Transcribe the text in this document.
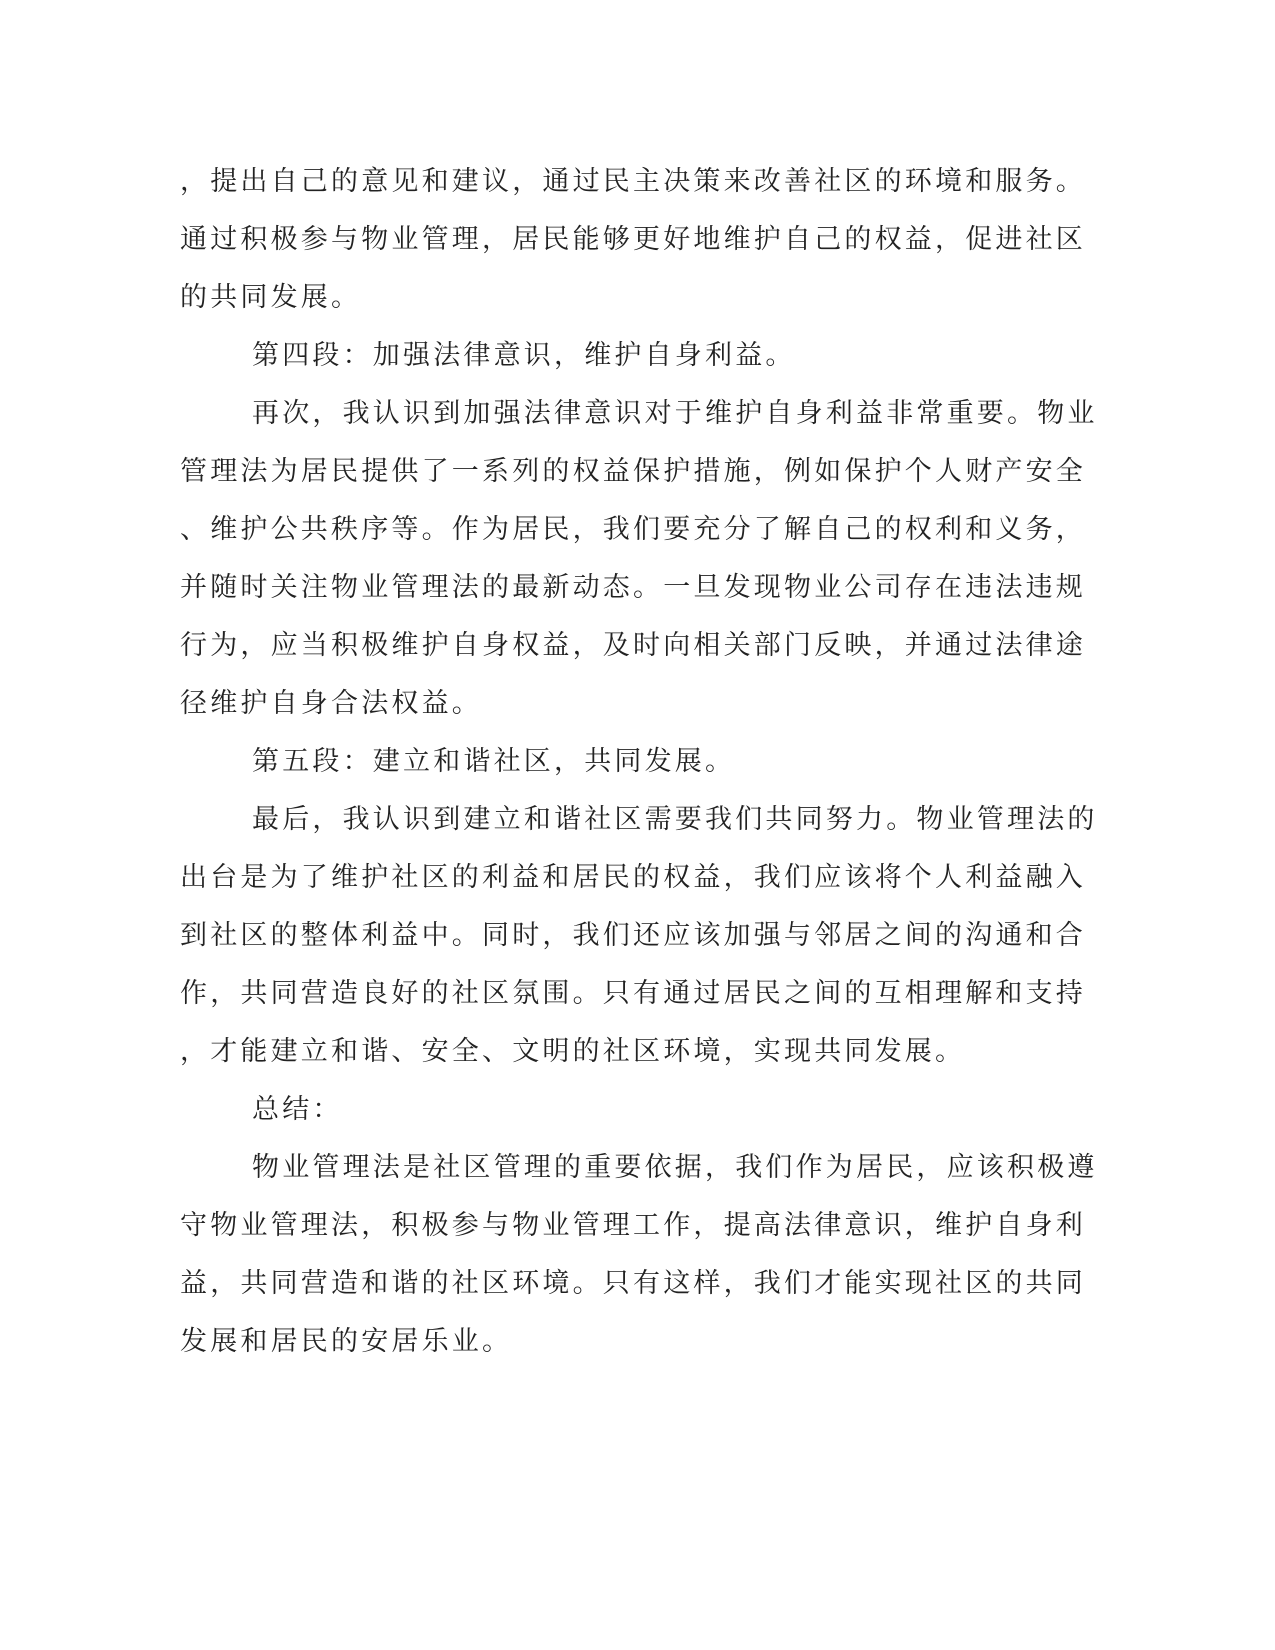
，提出自己的意见和建议，通过民主决策来改善社区的环境和服务。
通过积极参与物业管理，居民能够更好地维护自己的权益，促进社区
的共同发展。
第四段：加强法律意识，维护自身利益。
再次，我认识到加强法律意识对于维护自身利益非常重要。物业
管理法为居民提供了一系列的权益保护措施，例如保护个人财产安全
、维护公共秩序等。作为居民，我们要充分了解自己的权利和义务，
并随时关注物业管理法的最新动态。一旦发现物业公司存在违法违规
行为，应当积极维护自身权益，及时向相关部门反映，并通过法律途
径维护自身合法权益。
第五段：建立和谐社区，共同发展。
最后，我认识到建立和谐社区需要我们共同努力。物业管理法的
出台是为了维护社区的利益和居民的权益，我们应该将个人利益融入
到社区的整体利益中。同时，我们还应该加强与邻居之间的沟通和合
作，共同营造良好的社区氛围。只有通过居民之间的互相理解和支持
，才能建立和谐、安全、文明的社区环境，实现共同发展。
总结：
物业管理法是社区管理的重要依据，我们作为居民，应该积极遵
守物业管理法，积极参与物业管理工作，提高法律意识，维护自身利
益，共同营造和谐的社区环境。只有这样，我们才能实现社区的共同
发展和居民的安居乐业。
